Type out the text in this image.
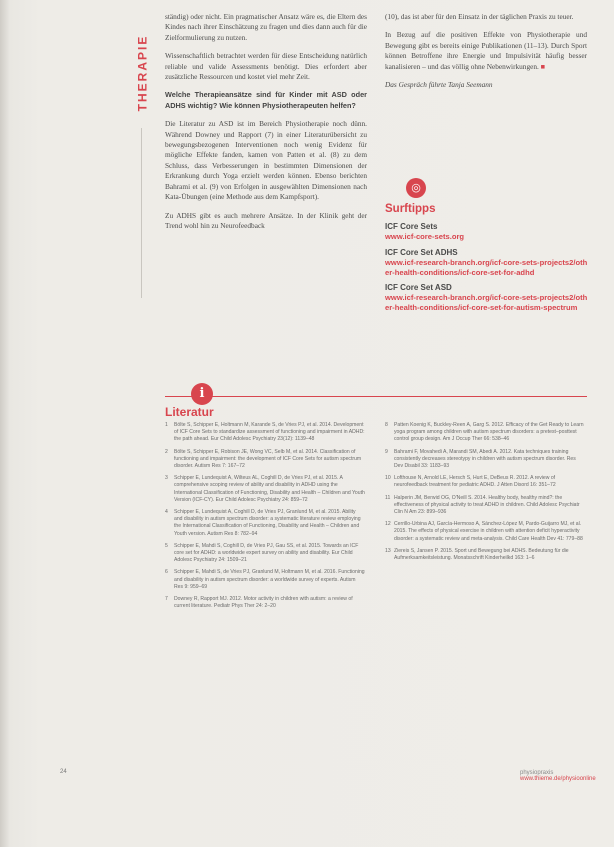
THERAPIE

ständig) oder nicht. Ein pragmatischer Ansatz wäre es, die Eltern des Kindes nach ihrer Einschätzung zu fragen und dies dann auch für die Zielformulierung zu nutzen.

Wissenschaftlich betrachtet werden für diese Entscheidung natürlich reliable und valide Assessments benötigt. Dies erfordert aber zusätzliche Ressourcen und kostet viel mehr Zeit.

Welche Therapieansätze sind für Kinder mit ASD oder ADHS wichtig? Wie können Physiotherapeuten helfen?

Die Literatur zu ASD ist im Bereich Physiotherapie noch dünn. Während Downey und Rapport (7) in einer Literaturübersicht zu bewegungsbezogenen Interventionen noch wenig Evidenz für mögliche Effekte fanden, kamen von Patten et al. (8) zu dem Schluss, dass Verbesserungen in bestimmten Dimensionen der Erkrankung durch Yoga erzielt werden können. Ebenso berichten Bahrami et al. (9) von Erfolgen in ausgewählten Dimensionen nach Kata-Übungen (eine Methode aus dem Kampfsport).

Zu ADHS gibt es auch mehrere Ansätze. In der Klinik geht der Trend wohl hin zu Neurofeedback

(10), das ist aber für den Einsatz in der täglichen Praxis zu teuer.

In Bezug auf die positiven Effekte von Physiotherapie und Bewegung gibt es bereits einige Publikationen (11–13). Durch Sport können Betroffene ihre Energie und Impulsivität häufig besser kanalisieren – und das völlig ohne Nebenwirkungen. ■

Das Gespräch führte Tanja Seemann

◎
Surftipps
ICF Core Sets
www.icf-core-sets.org
ICF Core Set ADHS
www.icf-research-branch.org/icf-core-sets-projects2/other-health-conditions/icf-core-set-for-adhd
ICF Core Set ASD
www.icf-research-branch.org/icf-core-sets-projects2/other-health-conditions/icf-core-set-for-autism-spectrum
i
Literatur
1	Bölte S, Schipper E, Holtmann M, Karande S, de Vries PJ, et al. 2014. Development of ICF Core Sets to standardize assessment of functioning and impairment in ADHD: the path ahead. Eur Child Adolesc Psychiatry 23(12): 1139–48
2	Bölte S, Schipper E, Robison JE, Wong VC, Selb M, et al. 2014. Classification of functioning and impairment: the development of ICF Core Sets for autism spectrum disorder. Autism Res 7: 167–72
3	Schipper E, Lundequist A, Wilteus AL, Coghill D, de Vries PJ, et al. 2015. A comprehensive scoping review of ability and disability in ADHD using the International Classification of Functioning, Disability and Health – Children and Youth Version (ICF-CY). Eur Child Adolesc Psychiatry 24: 859–72
4	Schipper E, Lundequist A, Coghill D, de Vries PJ, Granlund M, et al. 2015. Ability and disability in autism spectrum disorder: a systematic literature review employing the International Classification of Functioning, Disability and Health – Children and Youth version. Autism Res 8: 782–94
5	Schipper E, Mahdi S, Coghill D, de Vries PJ, Gau SS, et al. 2015. Towards an ICF core set for ADHD: a worldwide expert survey on ability and disability. Eur Child Adolesc Psychiatry 24: 1509–21
6	Schipper E, Mahdi S, de Vries PJ, Granlund M, Holtmann M, et al. 2016. Functioning and disability in autism spectrum disorder: a worldwide survey of experts. Autism Res 9: 959–69
7	Downey R, Rapport MJ. 2012. Motor activity in children with autism: a review of current literature. Pediatr Phys Ther 24: 2–20
8	Patten Koenig K, Buckley-Reen A, Garg S. 2012. Efficacy of the Get Ready to Learn yoga program among children with autism spectrum disorders: a pretest–posttest control group design. Am J Occup Ther 66: 538–46
9	Bahrami F, Movahedi A, Marandi SM, Abedi A. 2012. Kata techniques training consistently decreases stereotypy in children with autism spectrum disorder. Res Dev Disabil 33: 1183–93
10 Lofthouse N, Arnold LE, Hersch S, Hurt E, DeBeus R. 2012. A review of neurofeedback treatment for pediatric ADHD. J Atten Disord 16: 351–72
11 Halperin JM, Berwid OG, O'Neill S. 2014. Healthy body, healthy mind?: the effectiveness of physical activity to treat ADHD in children. Child Adolesc Psychiatr Clin N Am 23: 899–936
12 Cerrillo-Urbina AJ, García-Hermoso A, Sánchez-López M, Pardo-Guijarro MJ, et al. 2015. The effects of physical exercise in children with attention deficit hyperactivity disorder: a systematic review and meta-analysis. Child Care Health Dev 41: 779–88
13 Ziereis S, Jansen P. 2015. Sport und Bewegung bei ADHS. Bedeutung für die Aufmerksamkeitsleistung. Monatsschrift Kinderheilkd 163: 1–6
24	physiopraxis www.thieme.de/physioonline
